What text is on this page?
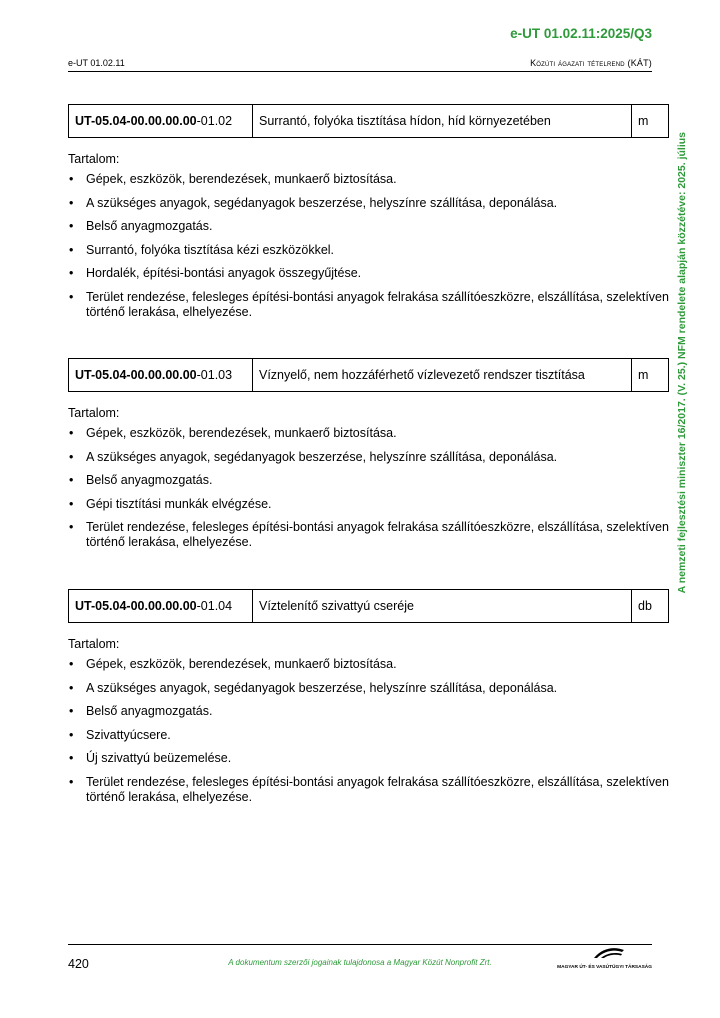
e-UT 01.02.11:2025/Q3
e-UT 01.02.11	Közúti ágazati tételrend (KÁT)
A nemzeti fejlesztési miniszter 16/2017. (V. 25.) NFM rendelete alapján közzétéve: 2025. július
UT-05.04-00.00.00.00 -01.02	Surrantó, folyóka tisztítása hídon, híd környezetében	m
Tartalom:
• Gépek, eszközök, berendezések, munkaerő biztosítása.
• A szükséges anyagok, segédanyagok beszerzése, helyszínre szállítása, deponálása.
• Belső anyagmozgatás.
• Surrantó, folyóka tisztítása kézi eszközökkel.
• Hordalék, építési-bontási anyagok összegyűjtése.
• Terület rendezése, felesleges építési-bontási anyagok felrakása szállítóeszközre, elszállítása, szelektíven történő lerakása, elhelyezése.
UT-05.04-00.00.00.00 -01.03	Víznyelő, nem hozzáférhető vízlevezető rendszer tisztítása	m
Tartalom:
• Gépek, eszközök, berendezések, munkaerő biztosítása.
• A szükséges anyagok, segédanyagok beszerzése, helyszínre szállítása, deponálása.
• Belső anyagmozgatás.
• Gépi tisztítási munkák elvégzése.
• Terület rendezése, felesleges építési-bontási anyagok felrakása szállítóeszközre, elszállítása, szelektíven történő lerakása, elhelyezése.
UT-05.04-00.00.00.00 -01.04	Víztelenítő szivattyú cseréje	db
Tartalom:
• Gépek, eszközök, berendezések, munkaerő biztosítása.
• A szükséges anyagok, segédanyagok beszerzése, helyszínre szállítása, deponálása.
• Belső anyagmozgatás.
• Szivattyúcsere.
• Új szivattyú beüzemelése.
• Terület rendezése, felesleges építési-bontási anyagok felrakása szállítóeszközre, elszállítása, szelektíven történő lerakása, elhelyezése.
420	A dokumentum szerzői jogainak tulajdonosa a Magyar Közút Nonprofit Zrt.
MAGYAR ÚT- ÉS VASÚTÜGYI TÁRSASÁG
